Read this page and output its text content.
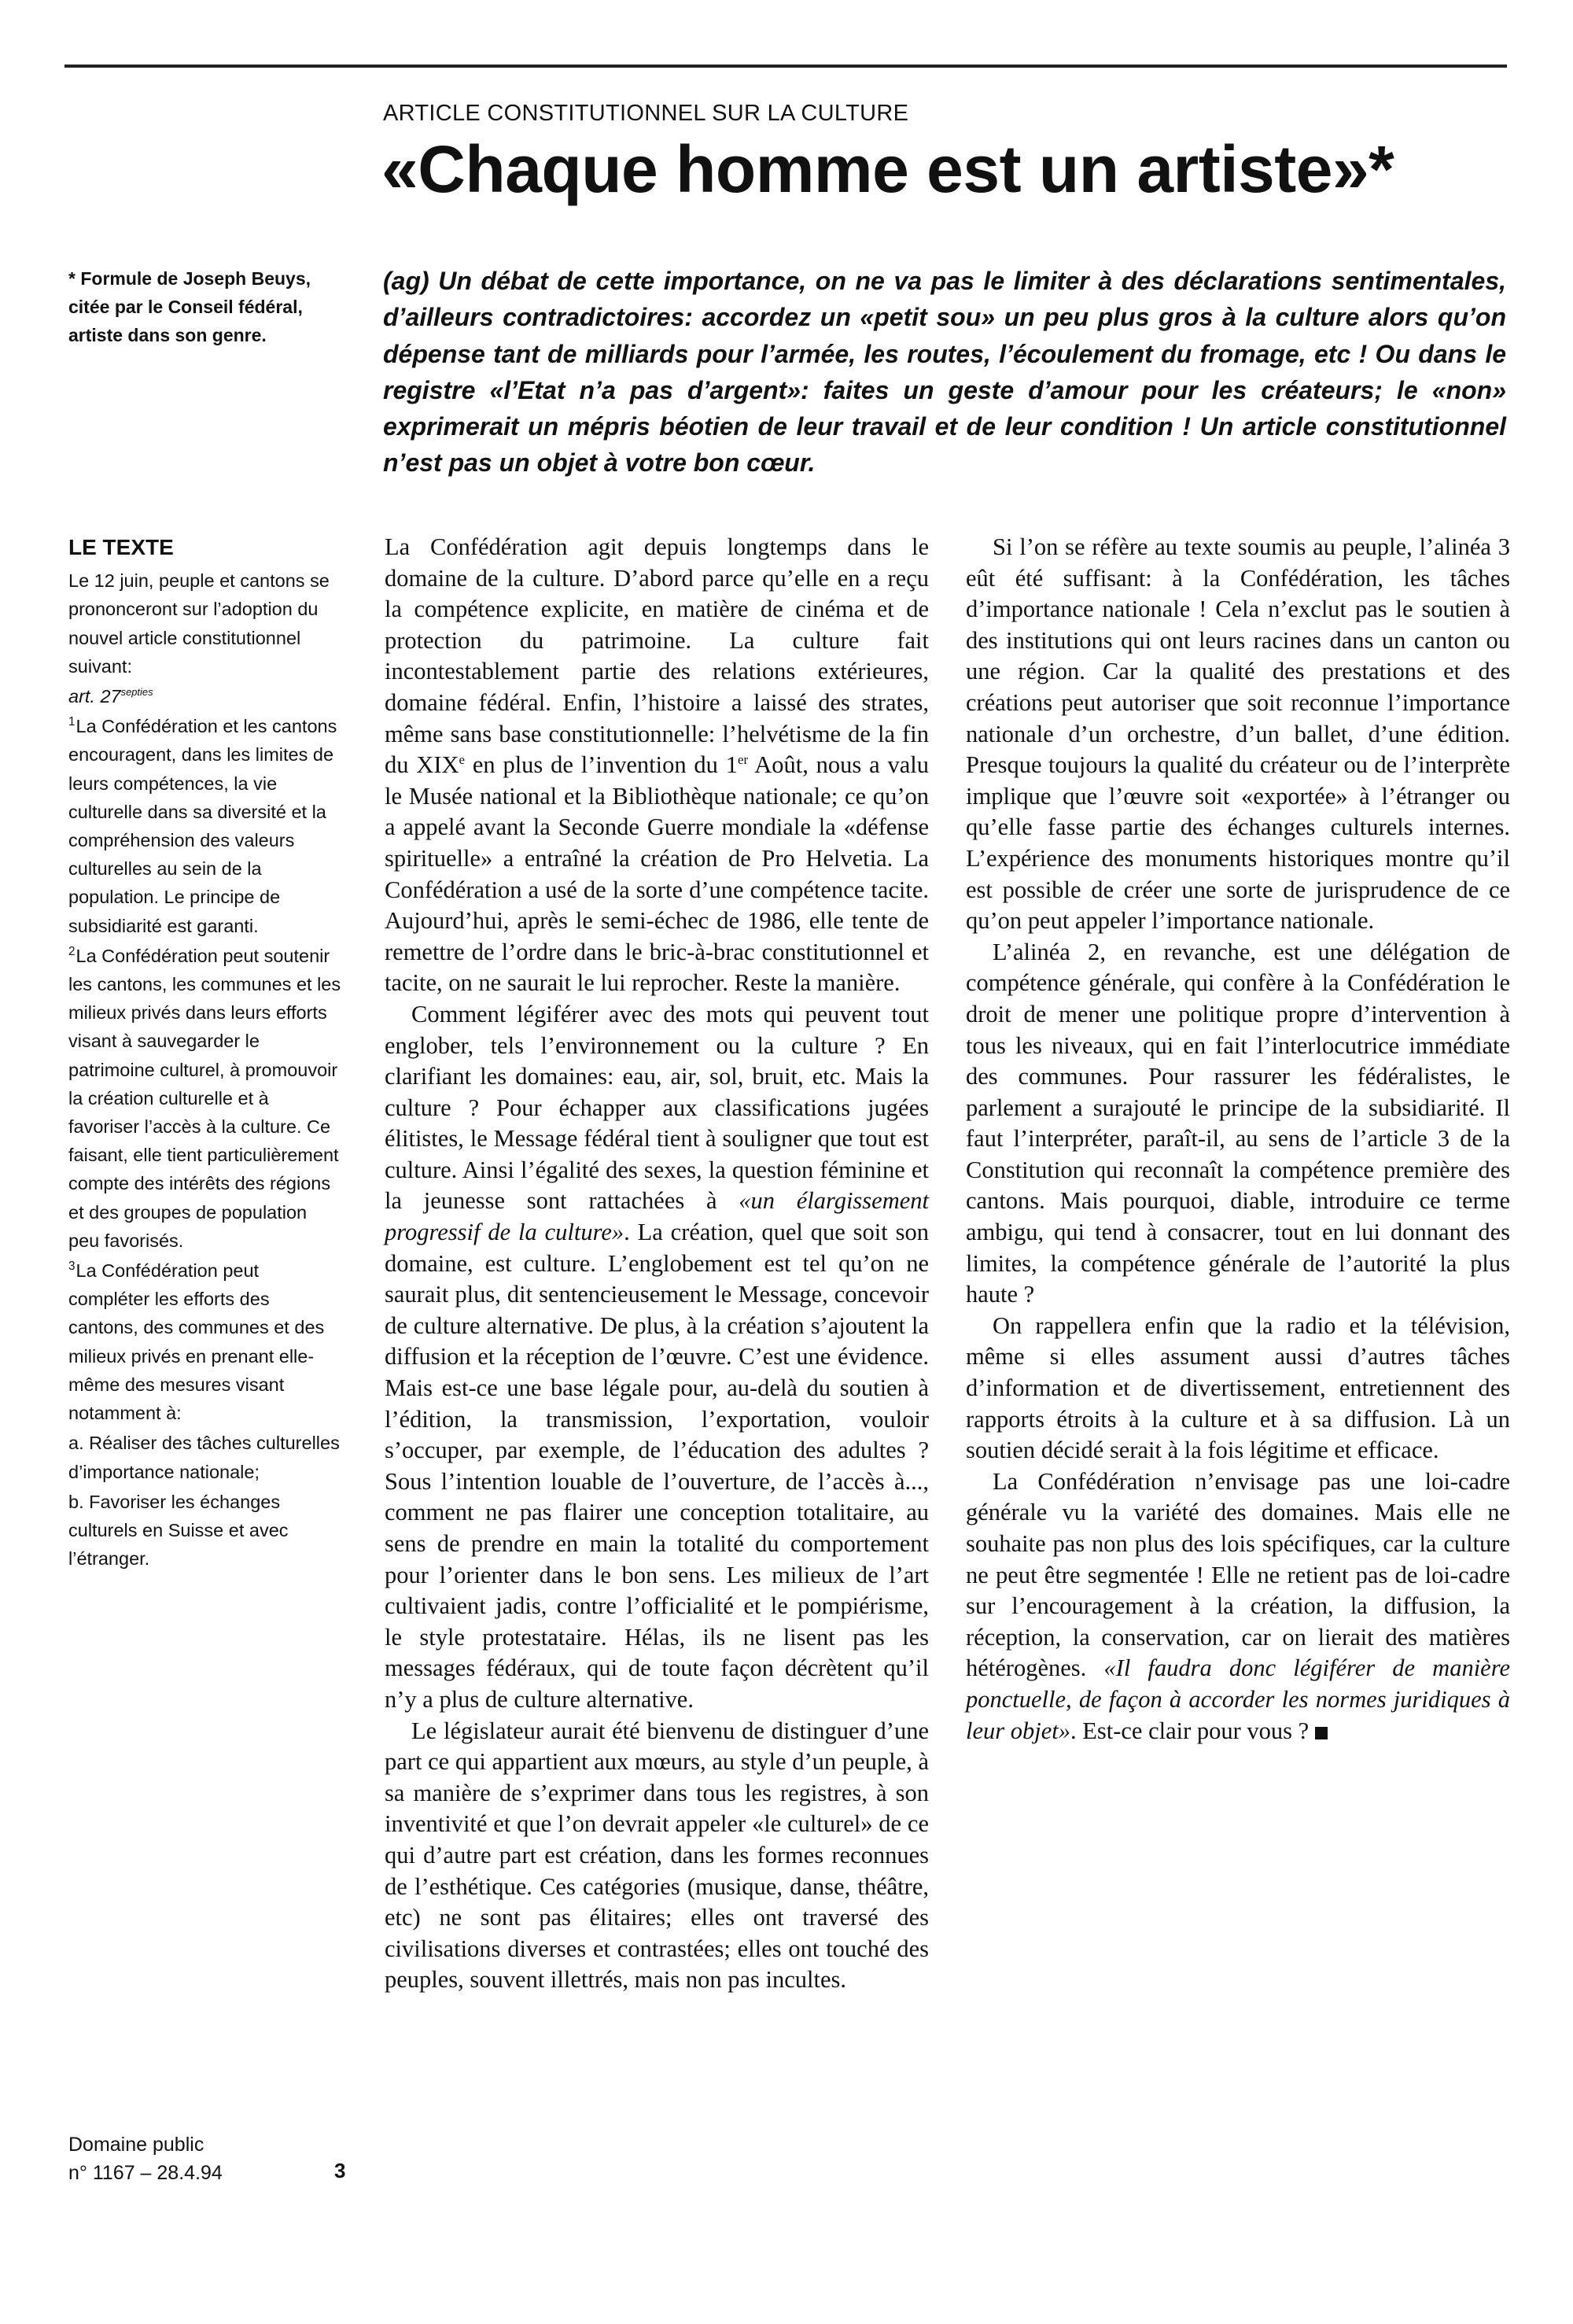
ARTICLE CONSTITUTIONNEL SUR LA CULTURE
«Chaque homme est un artiste»*
* Formule de Joseph Beuys, citée par le Conseil fédéral, artiste dans son genre.
(ag) Un débat de cette importance, on ne va pas le limiter à des déclarations sentimentales, d’ailleurs contradictoires: accordez un «petit sou» un peu plus gros à la culture alors qu’on dépense tant de milliards pour l’armée, les routes, l’écoulement du fromage, etc ! Ou dans le registre «l’Etat n’a pas d’argent»: faites un geste d’amour pour les créateurs; le «non» exprimerait un mépris béotien de leur travail et de leur condition ! Un article constitutionnel n’est pas un objet à votre bon cœur.
LE TEXTE

Le 12 juin, peuple et cantons se prononceront sur l’adoption du nouvel article constitutionnel suivant:

art. $27^{septies}$

$^1$La Confédération et les cantons encouragent, dans les limites de leurs compétences, la vie culturelle dans sa diversité et la compréhension des valeurs culturelles au sein de la population. Le principe de subsidiarité est garanti.

$^2$La Confédération peut soutenir les cantons, les communes et les milieux privés dans leurs efforts visant à sauvegarder le patrimoine culturel, à promouvoir la création culturelle et à favoriser l’accès à la culture. Ce faisant, elle tient particulièrement compte des intérêts des régions et des groupes de population peu favorisés.

$^3$La Confédération peut compléter les efforts des cantons, des communes et des milieux privés en prenant elle-même des mesures visant notamment à:

a. Réaliser des tâches culturelles d’importance nationale;

b. Favoriser les échanges culturels en Suisse et avec l’étranger.

La Confédération agit depuis longtemps dans le domaine de la culture. D’abord parce qu’elle en a reçu la compétence explicite, en matière de cinéma et de protection du patrimoine. La culture fait incontestablement partie des relations extérieures, domaine fédéral. Enfin, l’histoire a laissé des strates, même sans base constitutionnelle: l’helvétisme de la fin du XIXe en plus de l’invention du 1er Août, nous a valu le Musée national et la Bibliothèque nationale; ce qu’on a appelé avant la Seconde Guerre mondiale la «défense spirituelle» a entraîné la création de Pro Helvetia. La Confédération a usé de la sorte d’une compétence tacite. Aujourd’hui, après le semi-échec de 1986, elle tente de remettre de l’ordre dans le bric-à-brac constitutionnel et tacite, on ne saurait le lui reprocher. Reste la manière.

Comment légiférer avec des mots qui peuvent tout englober, tels l’environnement ou la culture ? En clarifiant les domaines: eau, air, sol, bruit, etc. Mais la culture ? Pour échapper aux classifications jugées élitistes, le Message fédéral tient à souligner que tout est culture. Ainsi l’égalité des sexes, la question féminine et la jeunesse sont rattachées à «un élargissement progressif de la culture». La création, quel que soit son domaine, est culture. L’englobement est tel qu’on ne saurait plus, dit sentencieusement le Message, concevoir de culture alternative. De plus, à la création s’ajoutent la diffusion et la réception de l’œuvre. C’est une évidence. Mais est-ce une base légale pour, au-delà du soutien à l’édition, la transmission, l’exportation, vouloir s’occuper, par exemple, de l’éducation des adultes ? Sous l’intention louable de l’ouverture, de l’accès à..., comment ne pas flairer une conception totalitaire, au sens de prendre en main la totalité du comportement pour l’orienter dans le bon sens. Les milieux de l’art cultivaient jadis, contre l’officialité et le pompiérisme, le style protestataire. Hélas, ils ne lisent pas les messages fédéraux, qui de toute façon décrètent qu’il n’y a plus de culture alternative.

Le législateur aurait été bienvenu de distinguer d’une part ce qui appartient aux mœurs, au style d’un peuple, à sa manière de s’exprimer dans tous les registres, à son inventivité et que l’on devrait appeler «le culturel» de ce qui d’autre part est création, dans les formes reconnues de l’esthétique. Ces catégories (musique, danse, théâtre, etc) ne sont pas élitaires; elles ont traversé des civilisations diverses et contrastées; elles ont touché des peuples, souvent illettrés, mais non pas incultes.

Si l’on se réfère au texte soumis au peuple, l’alinéa 3 eût été suffisant: à la Confédération, les tâches d’importance nationale ! Cela n’exclut pas le soutien à des institutions qui ont leurs racines dans un canton ou une région. Car la qualité des prestations et des créations peut autoriser que soit reconnue l’importance nationale d’un orchestre, d’un ballet, d’une édition. Presque toujours la qualité du créateur ou de l’interprète implique que l’œuvre soit «exportée» à l’étranger ou qu’elle fasse partie des échanges culturels internes. L’expérience des monuments historiques montre qu’il est possible de créer une sorte de jurisprudence de ce qu’on peut appeler l’importance nationale.

L’alinéa 2, en revanche, est une délégation de compétence générale, qui confère à la Confédération le droit de mener une politique propre d’intervention à tous les niveaux, qui en fait l’interlocutrice immédiate des communes. Pour rassurer les fédéralistes, le parlement a surajouté le principe de la subsidiarité. Il faut l’interpréter, paraît-il, au sens de l’article 3 de la Constitution qui reconnaît la compétence première des cantons. Mais pourquoi, diable, introduire ce terme ambigu, qui tend à consacrer, tout en lui donnant des limites, la compétence générale de l’autorité la plus haute ?

On rappellera enfin que la radio et la télévision, même si elles assument aussi d’autres tâches d’information et de divertissement, entretiennent des rapports étroits à la culture et à sa diffusion. Là un soutien décidé serait à la fois légitime et efficace.

La Confédération n’envisage pas une loi-cadre générale vu la variété des domaines. Mais elle ne souhaite pas non plus des lois spécifiques, car la culture ne peut être segmentée ! Elle ne retient pas de loi-cadre sur l’encouragement à la création, la diffusion, la réception, la conservation, car on lierait des matières hétérogènes. «Il faudra donc légiférer de manière ponctuelle, de façon à accorder les normes juridiques à leur objet». Est-ce clair pour vous ?

Domaine public
n° 1167 – 28.4.94	3
